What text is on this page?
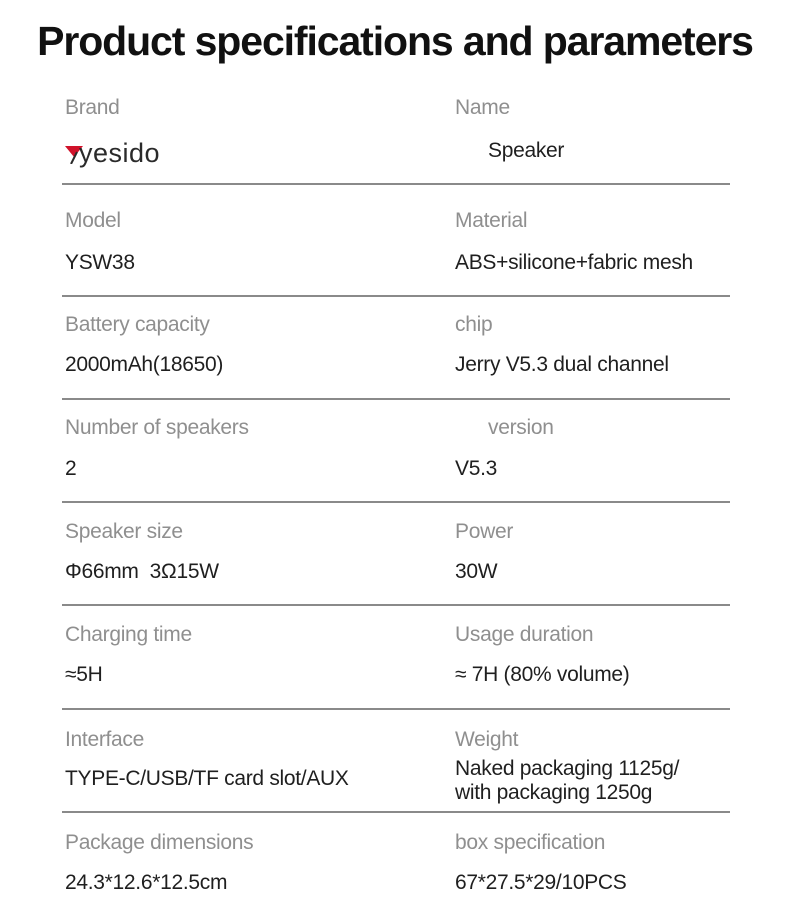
Product specifications and parameters
Brand
yesido
Name
Speaker
Model
YSW38
Material
ABS+silicone+fabric mesh
Battery capacity
2000mAh(18650)
chip
Jerry V5.3 dual channel
Number of speakers
2
version
V5.3
Speaker size
Φ66mm  3Ω15W
Power
30W
Charging time
≈5H
Usage duration
≈ 7H (80% volume)
Interface
TYPE-C/USB/TF card slot/AUX
Weight
Naked packaging 1125g/
with packaging 1250g
Package dimensions
24.3*12.6*12.5cm
box specification
67*27.5*29/10PCS
